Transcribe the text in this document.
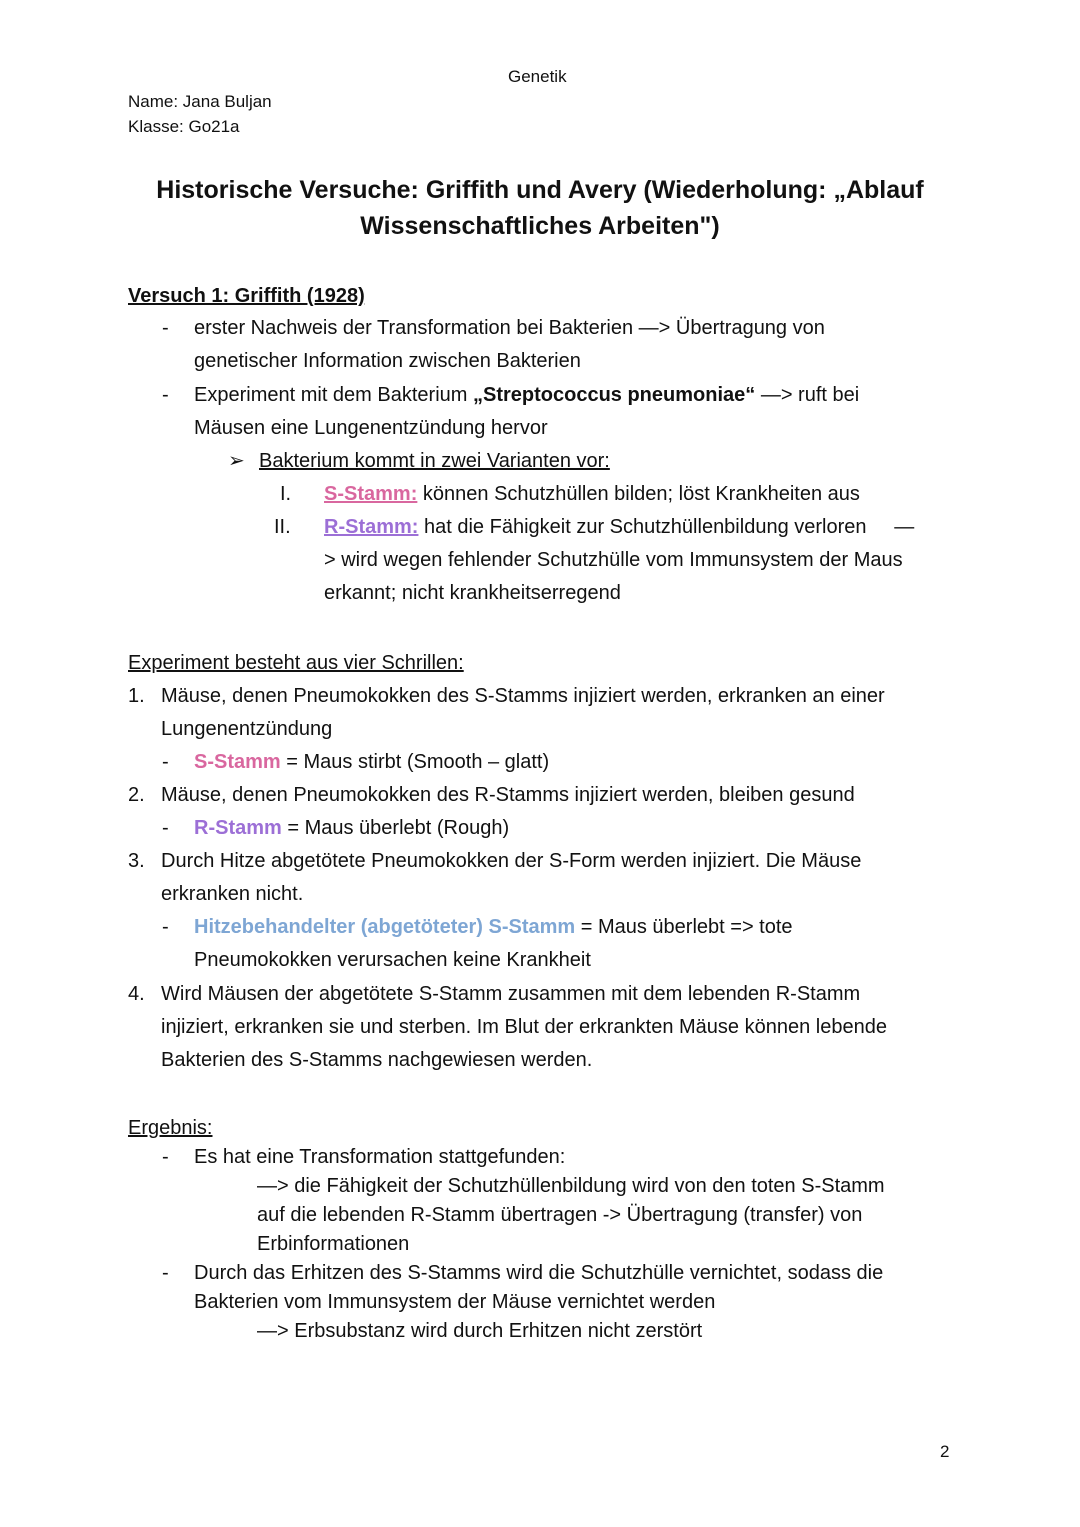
Genetik
Name: Jana Buljan
Klasse: Go21a
Historische Versuche: Griffith und Avery (Wiederholung: „Ablauf
Wissenschaftliches Arbeiten")
Versuch 1: Griffith (1928)
- erster Nachweis der Transformation bei Bakterien —> Übertragung von
genetischer Information zwischen Bakterien
- Experiment mit dem Bakterium „Streptococcus pneumoniae“ —> ruft bei
Mäusen eine Lungenentzündung hervor
➢ Bakterium kommt in zwei Varianten vor:
I. S-Stamm: können Schutzhüllen bilden; löst Krankheiten aus
II. R-Stamm: hat die Fähigkeit zur Schutzhüllenbildung verloren     —
> wird wegen fehlender Schutzhülle vom Immunsystem der Maus
erkannt; nicht krankheitserregend
Experiment besteht aus vier Schrillen:
1. Mäuse, denen Pneumokokken des S-Stamms injiziert werden, erkranken an einer
Lungenentzündung
- S-Stamm = Maus stirbt (Smooth – glatt)
2. Mäuse, denen Pneumokokken des R-Stamms injiziert werden, bleiben gesund
- R-Stamm = Maus überlebt (Rough)
3. Durch Hitze abgetötete Pneumokokken der S-Form werden injiziert. Die Mäuse
erkranken nicht.
- Hitzebehandelter (abgetöteter) S-Stamm = Maus überlebt => tote
Pneumokokken verursachen keine Krankheit
4. Wird Mäusen der abgetötete S-Stamm zusammen mit dem lebenden R-Stamm
injiziert, erkranken sie und sterben. Im Blut der erkrankten Mäuse können lebende
Bakterien des S-Stamms nachgewiesen werden.
Ergebnis:
- Es hat eine Transformation stattgefunden:
—> die Fähigkeit der Schutzhüllenbildung wird von den toten S-Stamm
auf die lebenden R-Stamm übertragen -> Übertragung (transfer) von
Erbinformationen
- Durch das Erhitzen des S-Stamms wird die Schutzhülle vernichtet, sodass die
Bakterien vom Immunsystem der Mäuse vernichtet werden
—> Erbsubstanz wird durch Erhitzen nicht zerstört
2
